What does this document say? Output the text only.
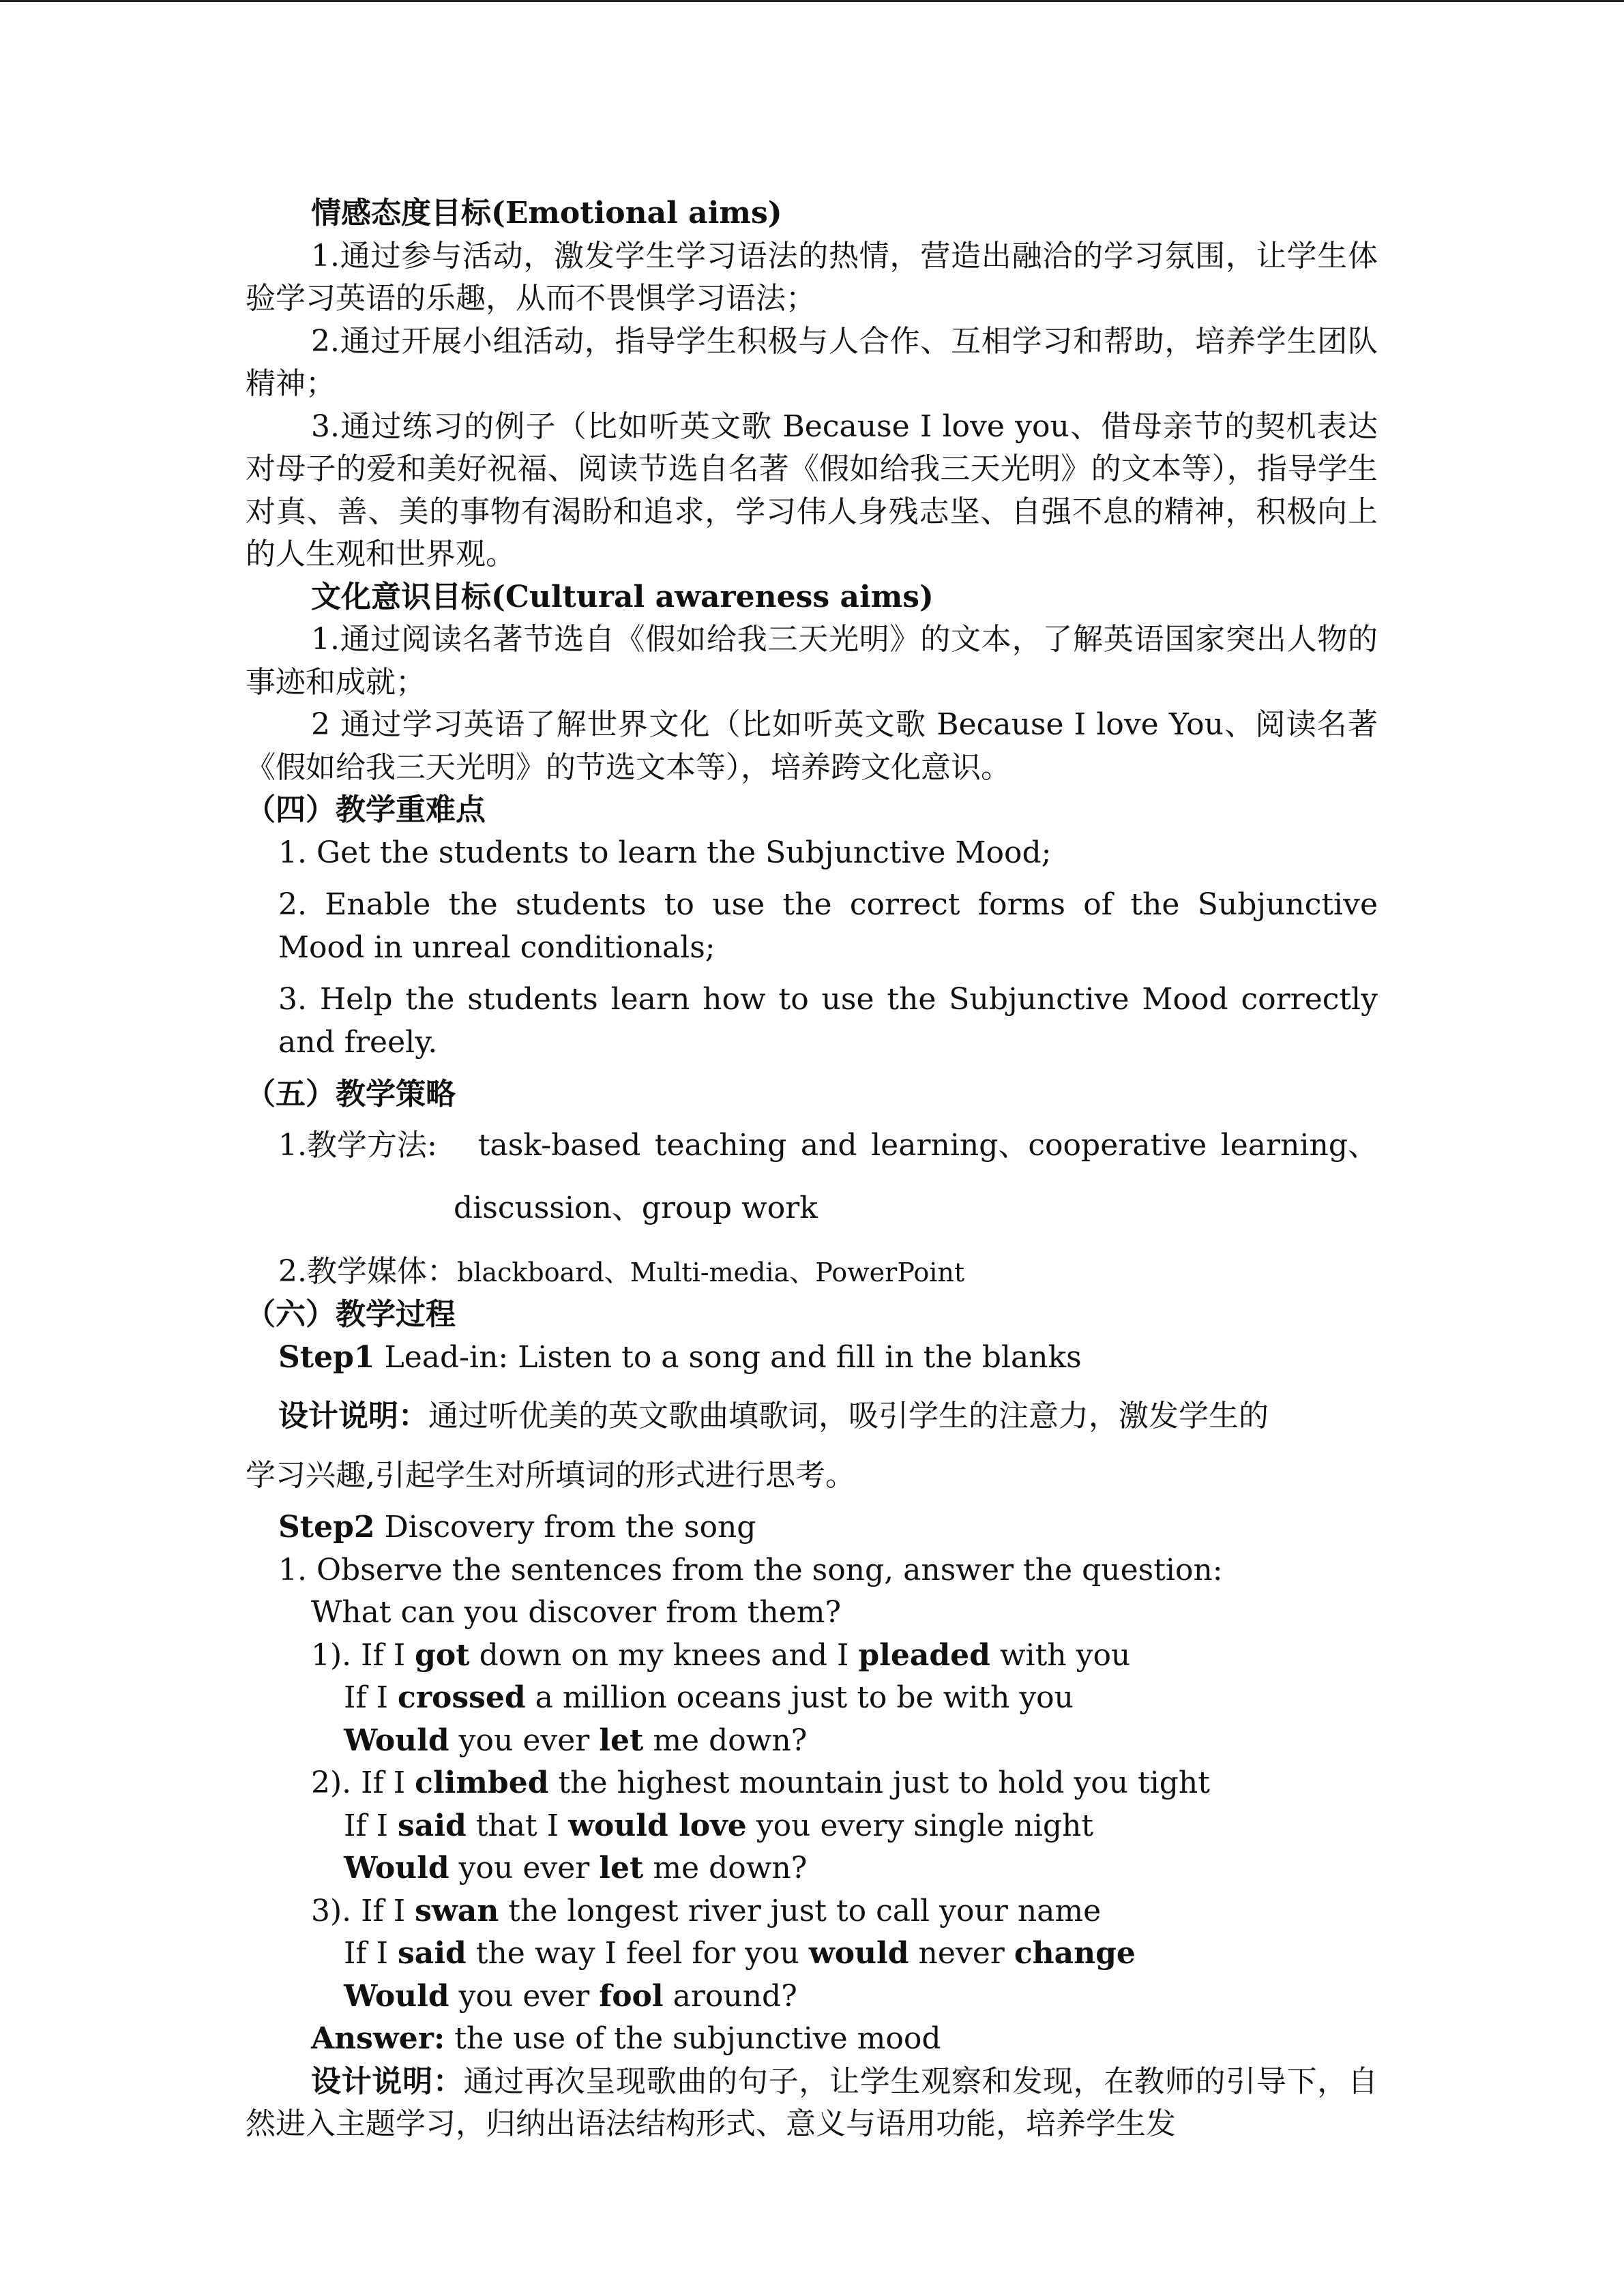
情感态度目标(Emotional aims)

1.通过参与活动，激发学生学习语法的热情，营造出融洽的学习氛围，让学生体验学习英语的乐趣，从而不畏惧学习语法；

2.通过开展小组活动，指导学生积极与人合作、互相学习和帮助，培养学生团队精神；

3.通过练习的例子（比如听英文歌 Because I love you、借母亲节的契机表达对母子的爱和美好祝福、阅读节选自名著《假如给我三天光明》的文本等），指导学生对真、善、美的事物有渴盼和追求，学习伟人身残志坚、自强不息的精神，积极向上的人生观和世界观。

文化意识目标(Cultural awareness aims)

1.通过阅读名著节选自《假如给我三天光明》的文本，了解英语国家突出人物的事迹和成就；

2 通过学习英语了解世界文化（比如听英文歌 Because I love You、阅读名著《假如给我三天光明》的节选文本等），培养跨文化意识。

（四）教学重难点

1. Get the students to learn the Subjunctive Mood;

2. Enable the students to use the correct forms of the Subjunctive Mood in unreal conditionals;

3. Help the students learn how to use the Subjunctive Mood correctly and freely.

（五）教学策略

1.教学方法: task-based teaching and learning、cooperative learning、

discussion、group work

2.教学媒体：blackboard、Multi-media、PowerPoint

（六）教学过程

Step1 Lead-in: Listen to a song and fill in the blanks

设计说明：通过听优美的英文歌曲填歌词，吸引学生的注意力，激发学生的

学习兴趣,引起学生对所填词的形式进行思考。

Step2 Discovery from the song

1. Observe the sentences from the song, answer the question:

What can you discover from them?

1). If I got down on my knees and I pleaded with you

If I crossed a million oceans just to be with you

Would you ever let me down?

2). If I climbed the highest mountain just to hold you tight

If I said that I would love you every single night

Would you ever let me down?

3). If I swan the longest river just to call your name

If I said the way I feel for you would never change

Would you ever fool around?

Answer: the use of the subjunctive mood

设计说明：通过再次呈现歌曲的句子，让学生观察和发现，在教师的引导下，自然进入主题学习，归纳出语法结构形式、意义与语用功能，培养学生发
